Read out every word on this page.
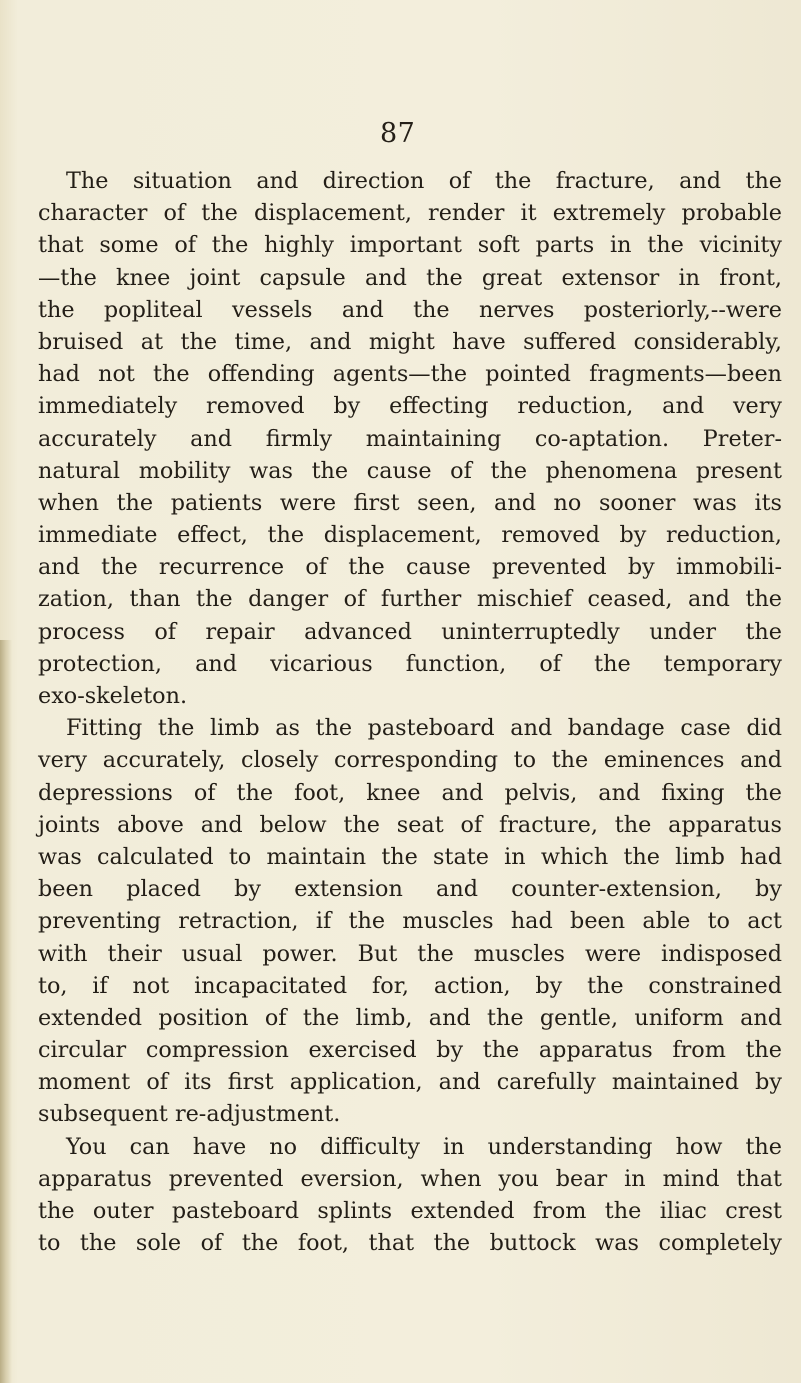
87
The situation and direction of the fracture, and the
character of the displacement, render it extremely probable
that some of the highly important soft parts in the vicinity
—the knee joint capsule and the great extensor in front,
the popliteal vessels and the nerves posteriorly,--were
bruised at the time, and might have suffered considerably,
had not the offending agents—the pointed fragments—been
immediately removed by effecting reduction, and very
accurately and firmly maintaining co-aptation. Preter-
natural mobility was the cause of the phenomena present
when the patients were first seen, and no sooner was its
immediate effect, the displacement, removed by reduction,
and the recurrence of the cause prevented by immobili-
zation, than the danger of further mischief ceased, and the
process of repair advanced uninterruptedly under the
protection, and vicarious function, of the temporary
exo-skeleton.
Fitting the limb as the pasteboard and bandage case did
very accurately, closely corresponding to the eminences and
depressions of the foot, knee and pelvis, and fixing the
joints above and below the seat of fracture, the apparatus
was calculated to maintain the state in which the limb had
been placed by extension and counter-extension, by
preventing retraction, if the muscles had been able to act
with their usual power. But the muscles were indisposed
to, if not incapacitated for, action, by the constrained
extended position of the limb, and the gentle, uniform and
circular compression exercised by the apparatus from the
moment of its first application, and carefully maintained by
subsequent re-adjustment.
You can have no difficulty in understanding how the
apparatus prevented eversion, when you bear in mind that
the outer pasteboard splints extended from the iliac crest
to the sole of the foot, that the buttock was completely
